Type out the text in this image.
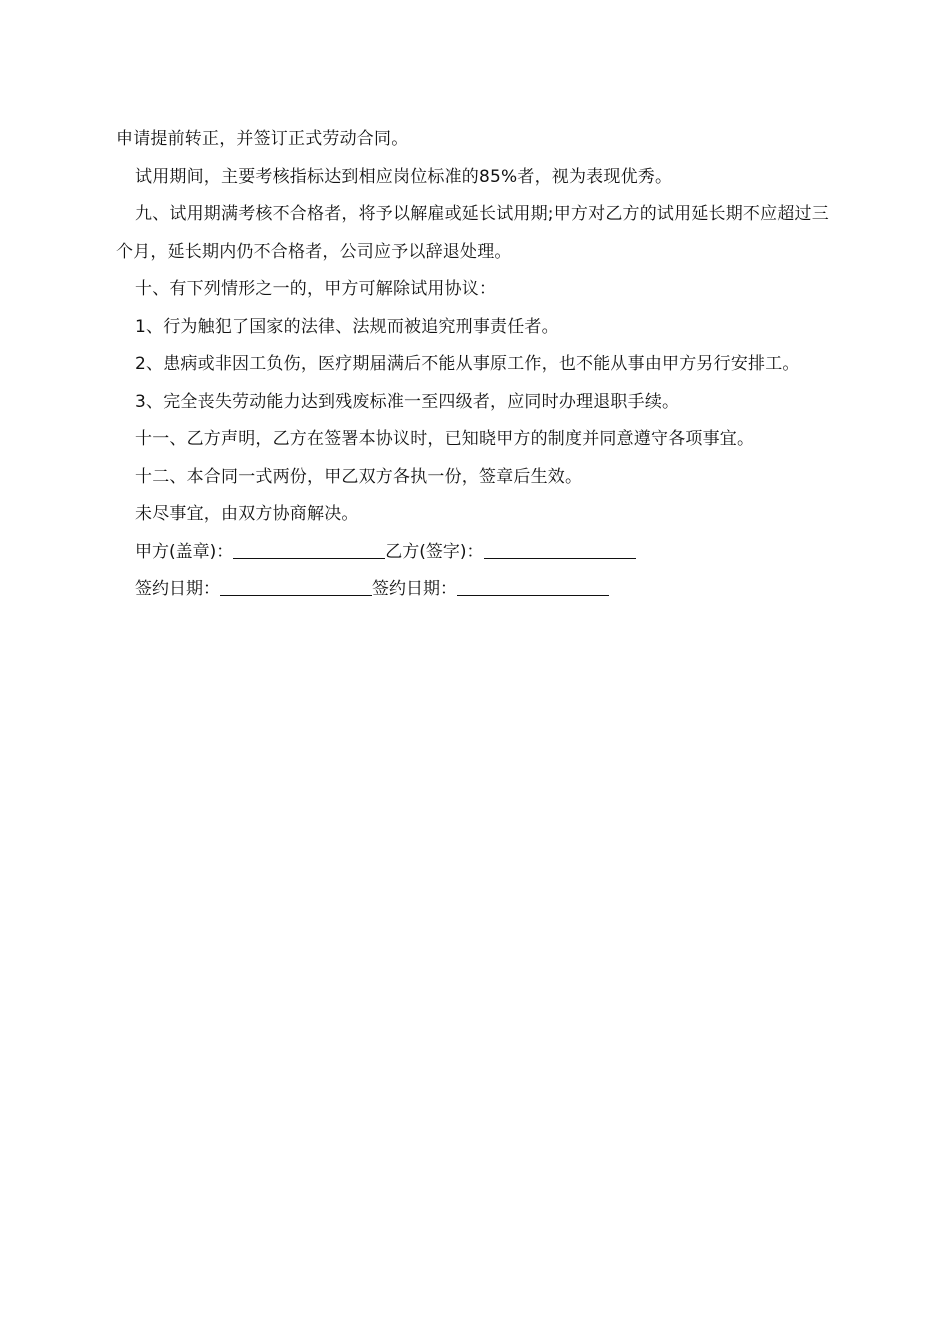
申请提前转正，并签订正式劳动合同。

试用期间，主要考核指标达到相应岗位标准的85%者，视为表现优秀。

九、试用期满考核不合格者，将予以解雇或延长试用期;甲方对乙方的试用延长期不应超过三个月，延长期内仍不合格者，公司应予以辞退处理。

十、有下列情形之一的，甲方可解除试用协议：

1、行为触犯了国家的法律、法规而被追究刑事责任者。

2、患病或非因工负伤，医疗期届满后不能从事原工作，也不能从事由甲方另行安排工。

3、完全丧失劳动能力达到残废标准一至四级者，应同时办理退职手续。

十一、乙方声明，乙方在签署本协议时，已知晓甲方的制度并同意遵守各项事宜。

十二、本合同一式两份，甲乙双方各执一份，签章后生效。

未尽事宜，由双方协商解决。

甲方(盖章)：	乙方(签字)：

签约日期：	签约日期：
